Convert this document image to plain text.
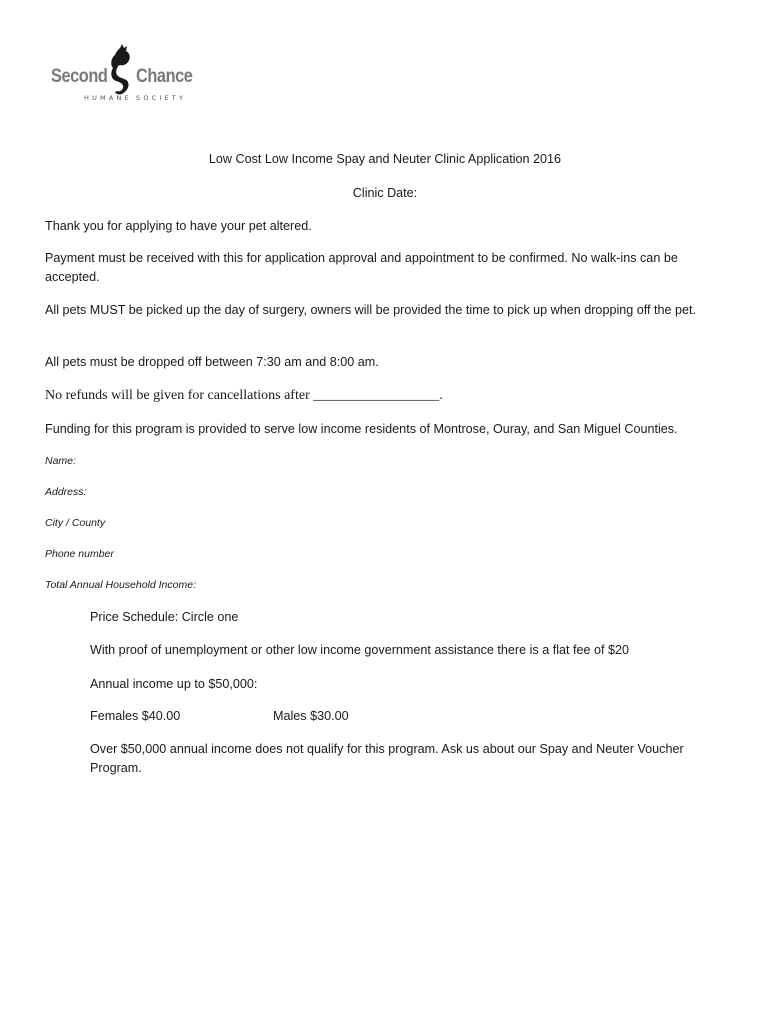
Second Chance
HUMANE SOCIETY
Low Cost Low Income Spay and Neuter Clinic Application 2016
Clinic Date:
Thank you for applying to have your pet altered.
Payment must be received with this for application approval and appointment to be confirmed. No walk-ins can be accepted.
All pets MUST be picked up the day of surgery, owners will be provided the time to pick up when dropping off the pet.
All pets must be dropped off between 7:30 am and 8:00 am.
No refunds will be given for cancellations after __________________.
Funding for this program is provided to serve low income residents of Montrose, Ouray, and San Miguel Counties.
Name:
Address:
City / County
Phone number
Total Annual Household Income:
Price Schedule: Circle one
With proof of unemployment or other low income government assistance there is a flat fee of $20
Annual income up to $50,000:
Females $40.00	Males $30.00
Over $50,000 annual income does not qualify for this program. Ask us about our Spay and Neuter Voucher Program.
